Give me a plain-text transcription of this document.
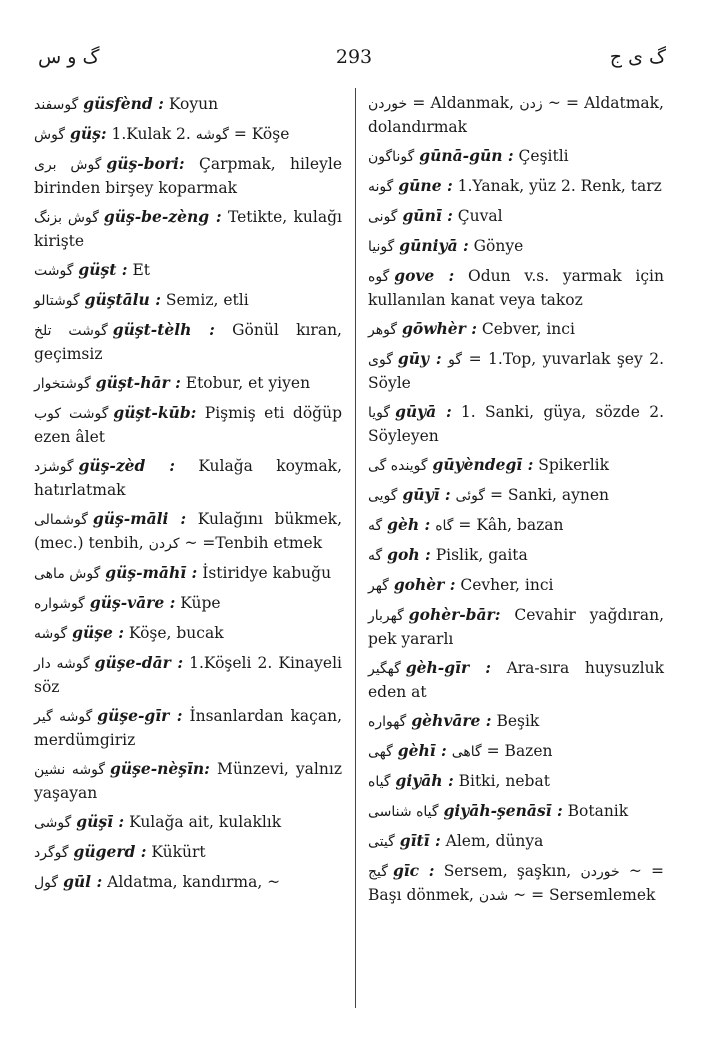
گ و س	293	گ ی ج
گوسفند güsfènd : Koyun
گوش güş: 1.Kulak 2. گوشه = Köşe
گوش بری güş-bori: Çarpmak, hileyle birinden birşey koparmak
گوش بزنگ güş-be-zèng : Tetikte, kulağı kirişte
گوشت güşt : Et
گوشتالو güştālu : Semiz, etli
گوشت تلخ güşt-tèlh : Gönül kıran, geçimsiz
گوشتخوار güşt-hār : Etobur, et yiyen
گوشت کوب güşt-kūb: Pişmiş eti döğüp ezen âlet
گوشزد güş-zèd : Kulağa koymak, hatırlatmak
گوشمالی güş-māli : Kulağını bükmek, (mec.) tenbih, کردن ~ =Tenbih etmek
گوش ماهی güş-māhī : İstiridye kabuğu
گوشواره güş-vāre : Küpe
گوشه güşe : Köşe, bucak
گوشه دار güşe-dār : 1.Köşeli 2. Kinayeli söz
گوشه گیر güşe-gīr : İnsanlardan kaçan, merdümgiriz
گوشه نشین güşe-nèşīn: Münzevi, yalnız yaşayan
گوشی güşī : Kulağa ait, kulaklık
گوگرد gügerd : Kükürt
گول gūl : Aldatma, kandırma, ~
خوردن = Aldanmak, زدن ~ = Aldatmak, dolandırmak
گوناگون gūnā-gūn : Çeşitli
گونه gūne : 1.Yanak, yüz 2. Renk, tarz
گونی gūnī : Çuval
گونیا gūniyā : Gönye
گوه gove : Odun v.s. yarmak için kullanılan kanat veya takoz
گوهر gōwhèr : Cebver, inci
گوی gūy : گو = 1.Top, yuvarlak şey 2. Söyle
گویا gūyā : 1. Sanki, güya, sözde 2. Söyleyen
گوینده گی gūyèndegī : Spikerlik
گویی gūyī : گوئی = Sanki, aynen
گه gèh : گاه = Kâh, bazan
گه goh : Pislik, gaita
گهر gohèr : Cevher, inci
گهربار gohèr-bār: Cevahir yağdıran, pek yararlı
گهگیر gèh-gīr : Ara-sıra huysuzluk eden at
گهواره gèhvāre : Beşik
گهی gèhī : گاهی = Bazen
گیاه giyāh : Bitki, nebat
گیاه شناسی giyāh-şenāsī : Botanik
گیتی gītī : Alem, dünya
گیج gīc : Sersem, şaşkın, خوردن ~ = Başı dönmek, شدن ~ = Sersemlemek
